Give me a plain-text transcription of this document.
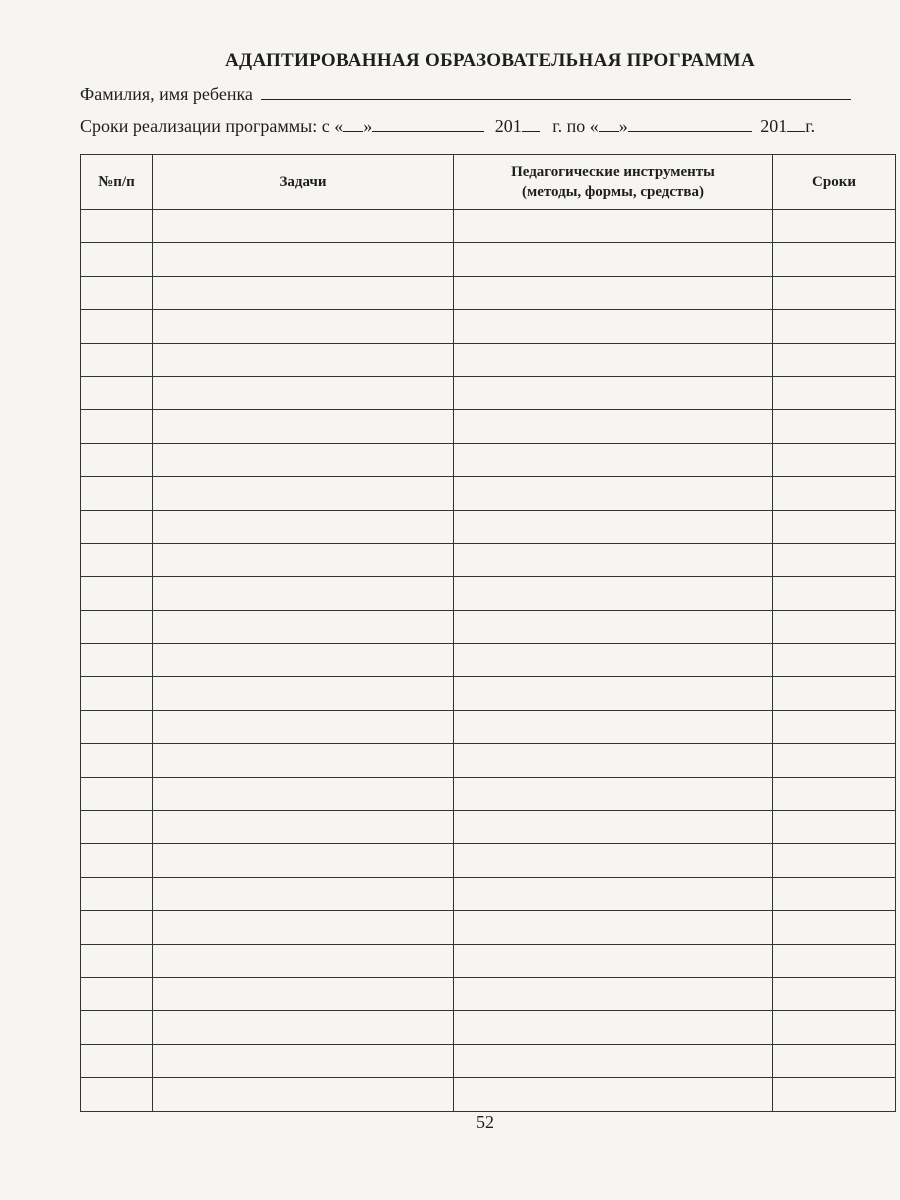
АДАПТИРОВАННАЯ ОБРАЗОВАТЕЛЬНАЯ ПРОГРАММА
Фамилия, имя ребенка
Сроки реализации программы: с « »	201 г. по « »	201 г.
№п/п	Задачи	Педагогические инструменты (методы, формы, средства)	Сроки

52
